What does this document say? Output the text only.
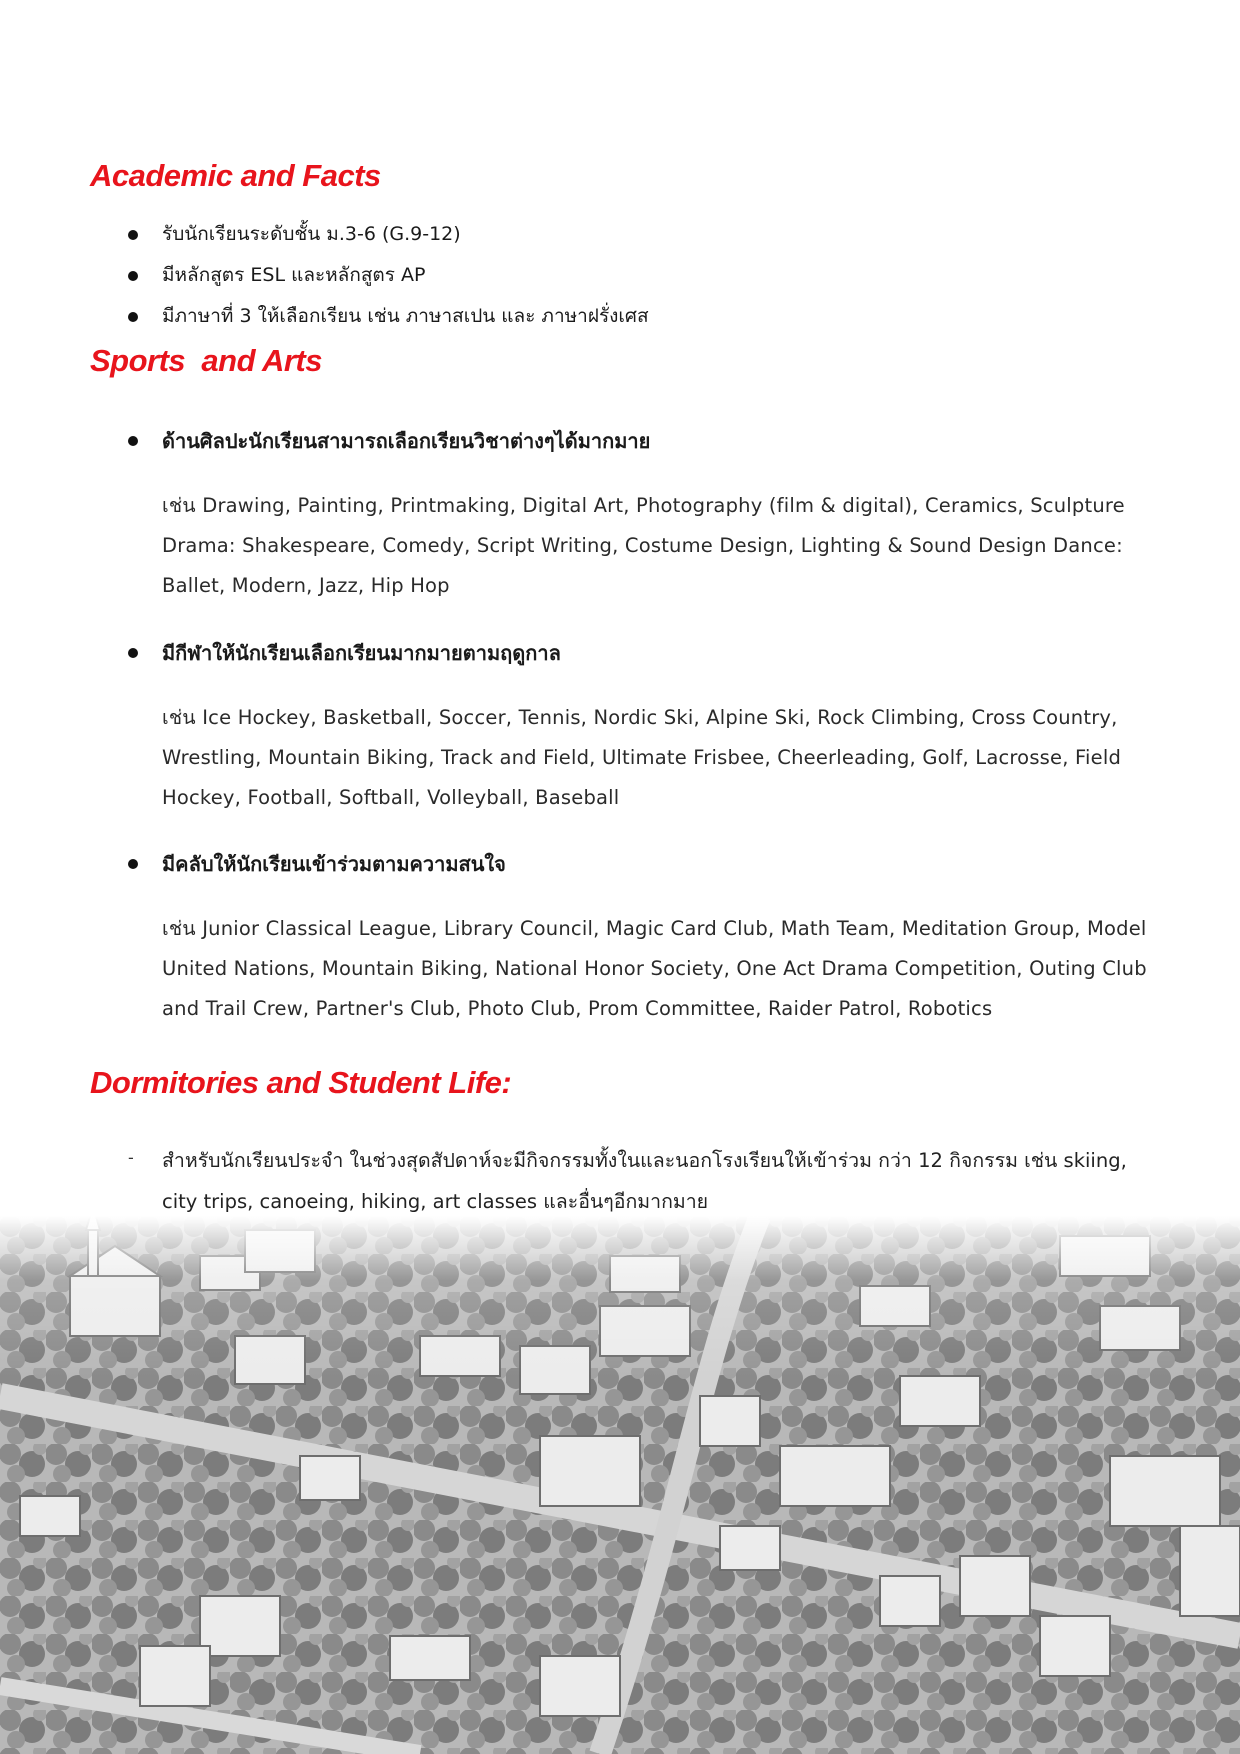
Academic and Facts
รับนักเรียนระดับชั้น ม.3-6 (G.9-12)
มีหลักสูตร ESL และหลักสูตร AP
มีภาษาที่ 3 ให้เลือกเรียน เช่น ภาษาสเปน และ ภาษาฝรั่งเศส
Sports  and Arts
ด้านศิลปะนักเรียนสามารถเลือกเรียนวิชาต่างๆได้มากมาย
เช่น Drawing, Painting, Printmaking, Digital Art, Photography (film & digital), Ceramics, Sculpture Drama: Shakespeare, Comedy, Script Writing, Costume Design, Lighting & Sound Design Dance: Ballet, Modern, Jazz, Hip Hop
มีกีฬาให้นักเรียนเลือกเรียนมากมายตามฤดูกาล
เช่น Ice Hockey, Basketball, Soccer, Tennis, Nordic Ski, Alpine Ski, Rock Climbing, Cross Country, Wrestling, Mountain Biking, Track and Field, Ultimate Frisbee, Cheerleading, Golf, Lacrosse, Field Hockey, Football, Softball, Volleyball, Baseball
มีคลับให้นักเรียนเข้าร่วมตามความสนใจ
เช่น Junior Classical League, Library Council, Magic Card Club, Math Team, Meditation Group, Model United Nations, Mountain Biking, National Honor Society, One Act Drama Competition, Outing Club and Trail Crew, Partner's Club, Photo Club, Prom Committee, Raider Patrol, Robotics
Dormitories and Student Life:
- สำหรับนักเรียนประจำ ในช่วงสุดสัปดาห์จะมีกิจกรรมทั้งในและนอกโรงเรียนให้เข้าร่วม กว่า 12 กิจกรรม เช่น skiing, city trips, canoeing, hiking, art classes และอื่นๆอีกมากมาย
